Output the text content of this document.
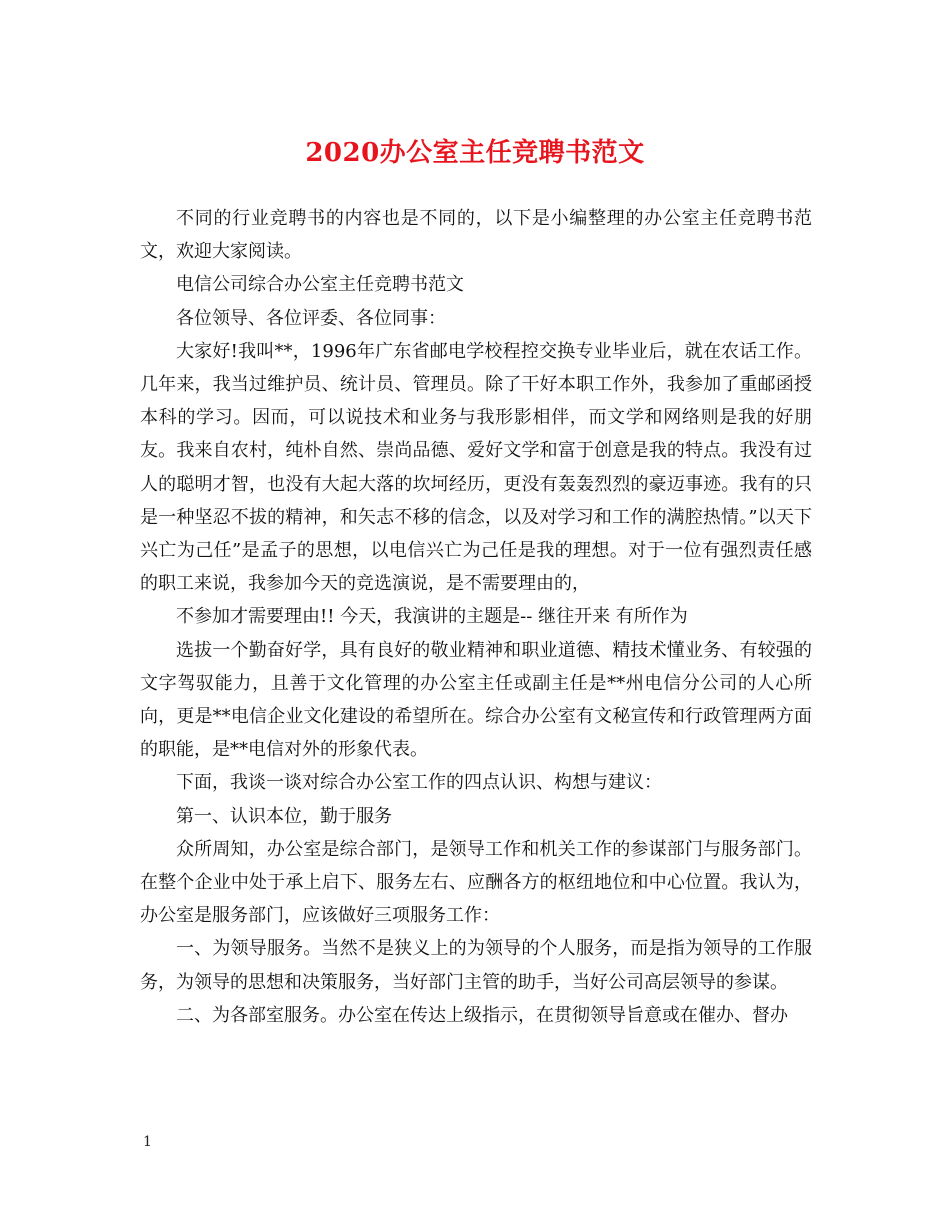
2020办公室主任竞聘书范文

不同的行业竞聘书的内容也是不同的，以下是小编整理的办公室主任竞聘书范文，欢迎大家阅读。

电信公司综合办公室主任竞聘书范文

各位领导、各位评委、各位同事：

大家好!我叫**，1996年广东省邮电学校程控交换专业毕业后，就在农话工作。几年来，我当过维护员、统计员、管理员。除了干好本职工作外，我参加了重邮函授本科的学习。因而，可以说技术和业务与我形影相伴，而文学和网络则是我的好朋友。我来自农村，纯朴自然、崇尚品德、爱好文学和富于创意是我的特点。我没有过人的聪明才智，也没有大起大落的坎坷经历，更没有轰轰烈烈的豪迈事迹。我有的只是一种坚忍不拔的精神，和矢志不移的信念，以及对学习和工作的满腔热情。”以天下兴亡为己任”是孟子的思想，以电信兴亡为己任是我的理想。对于一位有强烈责任感的职工来说，我参加今天的竞选演说，是不需要理由的，

不参加才需要理由!! 今天，我演讲的主题是-- 继往开来 有所作为

选拔一个勤奋好学，具有良好的敬业精神和职业道德、精技术懂业务、有较强的文字驾驭能力，且善于文化管理的办公室主任或副主任是**州电信分公司的人心所向，更是**电信企业文化建设的希望所在。综合办公室有文秘宣传和行政管理两方面的职能，是**电信对外的形象代表。

下面，我谈一谈对综合办公室工作的四点认识、构想与建议：

第一、认识本位，勤于服务

众所周知，办公室是综合部门，是领导工作和机关工作的参谋部门与服务部门。在整个企业中处于承上启下、服务左右、应酬各方的枢纽地位和中心位置。我认为，办公室是服务部门，应该做好三项服务工作：

一、为领导服务。当然不是狭义上的为领导的个人服务，而是指为领导的工作服务，为领导的思想和决策服务，当好部门主管的助手，当好公司高层领导的参谋。

二、为各部室服务。办公室在传达上级指示，在贯彻领导旨意或在催办、督办

1
